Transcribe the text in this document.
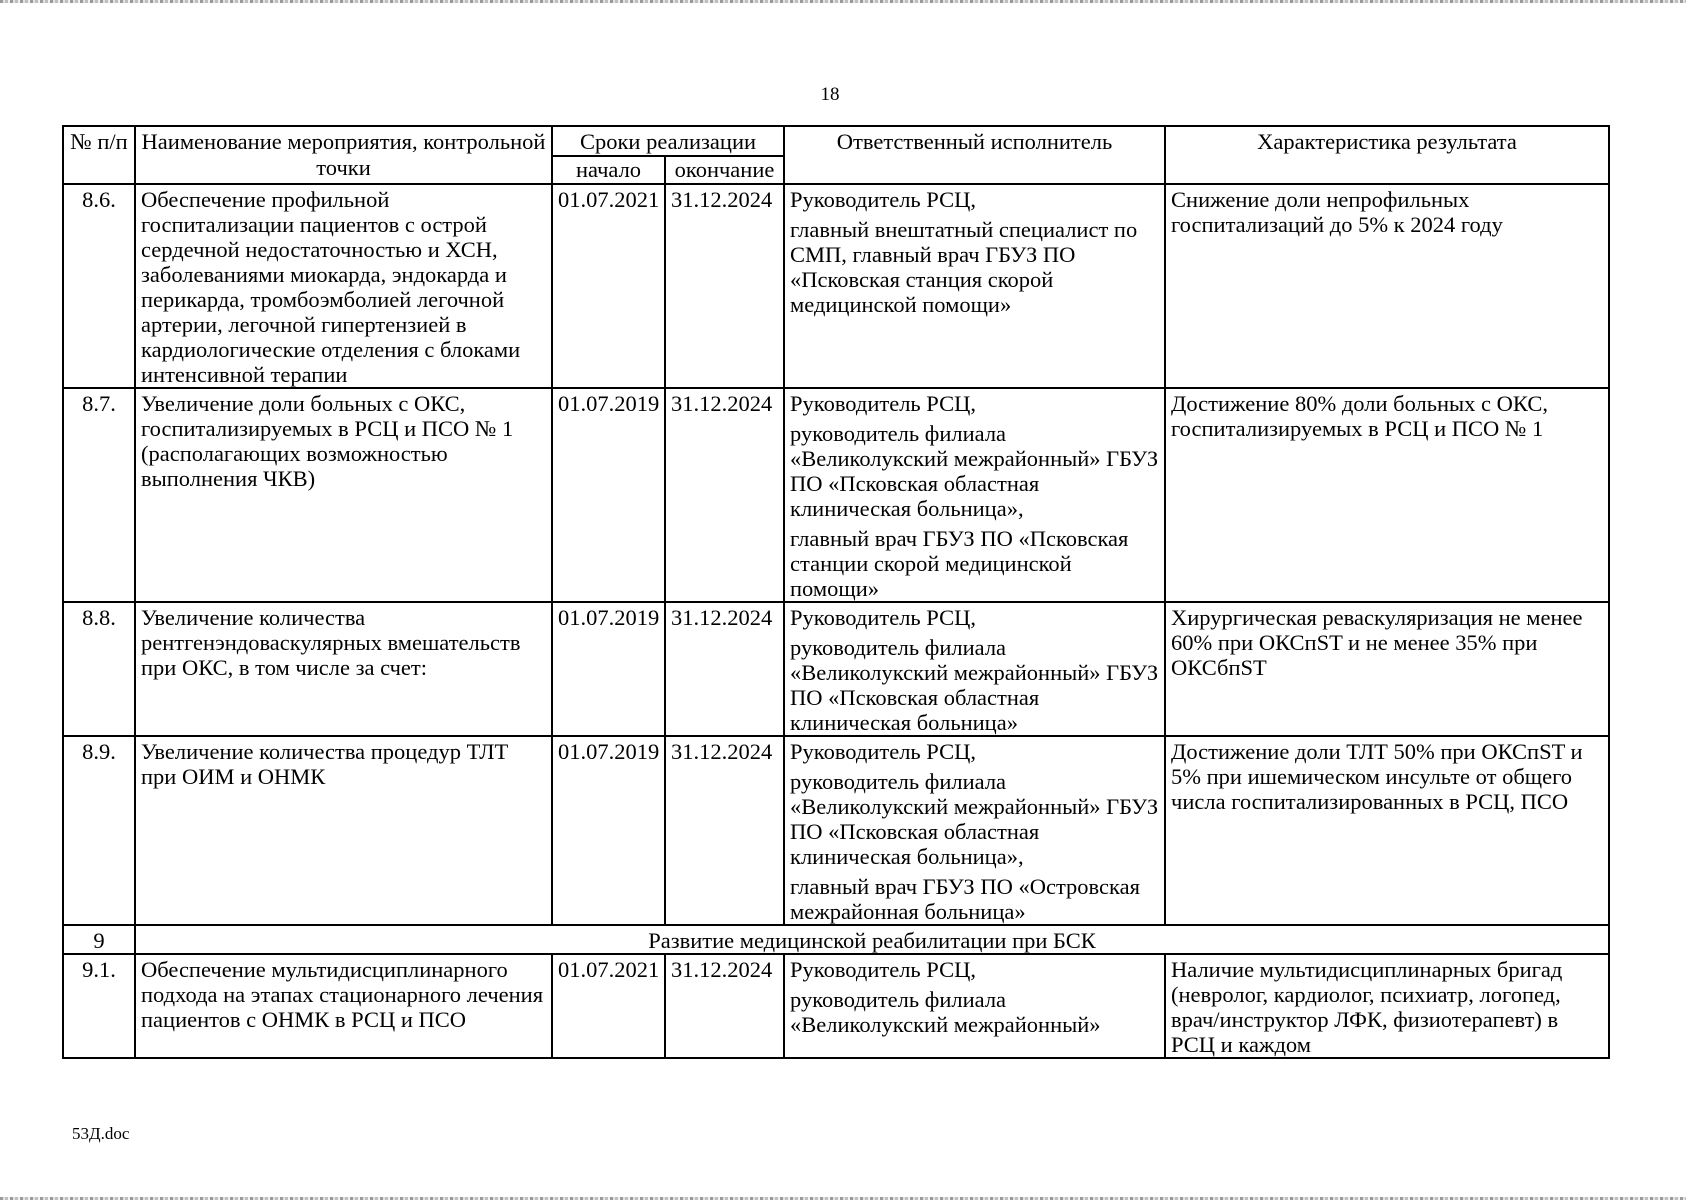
18
№ п/п	Наименование мероприятия, контрольной точки	Сроки реализации		Ответственный исполнитель	Характеристика результата
		начало	окончание		
8.6.	Обеспечение профильной госпитализации пациентов с острой сердечной недостаточностью и ХСН, заболеваниями миокарда, эндокарда и перикарда, тромбоэмболией легочной артерии, легочной гипертензией в кардиологические отделения с блоками интенсивной терапии	01.07.2021	31.12.2024	Руководитель РСЦ,
главный внештатный специалист по СМП, главный врач ГБУЗ ПО «Псковская станция скорой медицинской помощи»	Снижение доли непрофильных госпитализаций до 5% к 2024 году
8.7.	Увеличение доли больных с ОКС, госпитализируемых в РСЦ и ПСО № 1 (располагающих возможностью выполнения ЧКВ)	01.07.2019	31.12.2024	Руководитель РСЦ,
руководитель филиала «Великолукский межрайонный» ГБУЗ ПО «Псковская областная клиническая больница»,
главный врач ГБУЗ ПО «Псковская станции скорой медицинской помощи»	Достижение 80% доли больных с ОКС, госпитализируемых в РСЦ и ПСО № 1
8.8.	Увеличение количества рентгенэндоваскулярных вмешательств при ОКС, в том числе за счет:	01.07.2019	31.12.2024	Руководитель РСЦ,
руководитель филиала «Великолукский межрайонный» ГБУЗ ПО «Псковская областная клиническая больница»	Хирургическая реваскуляризация не менее 60% при ОКСпST и не менее 35% при ОКСбпST
8.9.	Увеличение количества процедур ТЛТ при ОИМ и ОНМК	01.07.2019	31.12.2024	Руководитель РСЦ,
руководитель филиала «Великолукский межрайонный» ГБУЗ ПО «Псковская областная клиническая больница»,
главный врач ГБУЗ ПО «Островская межрайонная больница»	Достижение доли ТЛТ 50% при ОКСпST и 5% при ишемическом инсульте от общего числа госпитализированных в РСЦ, ПСО
9	Развитие медицинской реабилитации при БСК				
9.1.	Обеспечение мультидисциплинарного подхода на этапах стационарного лечения пациентов с ОНМК в РСЦ и ПСО	01.07.2021	31.12.2024	Руководитель РСЦ,
руководитель филиала «Великолукский межрайонный»	Наличие мультидисциплинарных бригад (невролог, кардиолог, психиатр, логопед, врач/инструктор ЛФК, физиотерапевт) в РСЦ и каждом
53Д.doc
